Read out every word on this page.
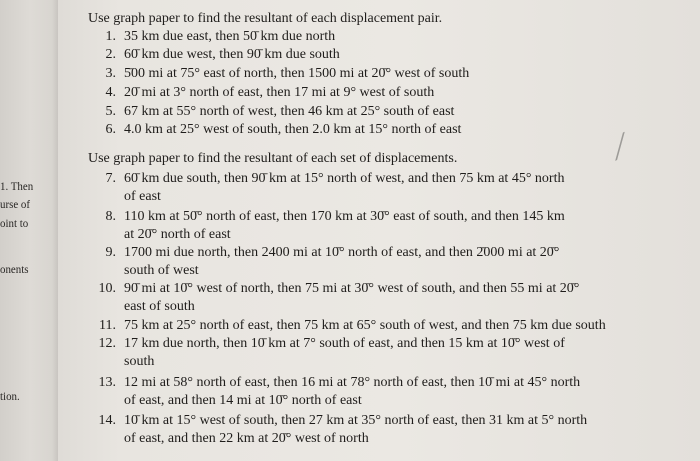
1. Then
urse of
oint to
onents
tion.
⟋
Use graph paper to find the resultant of each displacement pair.
1. 35 km due east, then 50̄ km due north
2. 60̄ km due west, then 90̄ km due south
3. 5̄00 mi at 75° east of north, then 1500 mi at 20̄° west of south
4. 20̄ mi at 3° north of east, then 17 mi at 9° west of south
5. 67 km at 55° north of west, then 46 km at 25° south of east
6. 4.0 km at 25° west of south, then 2.0 km at 15° north of east
Use graph paper to find the resultant of each set of displacements.
7. 60̄ km due south, then 90̄ km at 15° north of west, and then 75 km at 45° north
of east
8. 110 km at 50̄° north of east, then 170 km at 30̄° east of south, and then 145 km
at 20̄° north of east
9. 1700 mi due north, then 2400 mi at 10̄° north of east, and then 2̄000 mi at 20̄°
south of west
10. 90̄ mi at 10̄° west of north, then 75 mi at 30̄° west of south, and then 55 mi at 20̄°
east of south
11. 75 km at 25° north of east, then 75 km at 65° south of west, and then 75 km due south
12. 17 km due north, then 10̄ km at 7° south of east, and then 15 km at 10̄° west of
south
13. 12 mi at 58° north of east, then 16 mi at 78° north of east, then 10̄ mi at 45° north
of east, and then 14 mi at 10̄° north of east
14. 10̄ km at 15° west of south, then 27 km at 35° north of east, then 31 km at 5° north
of east, and then 22 km at 20̄° west of north
